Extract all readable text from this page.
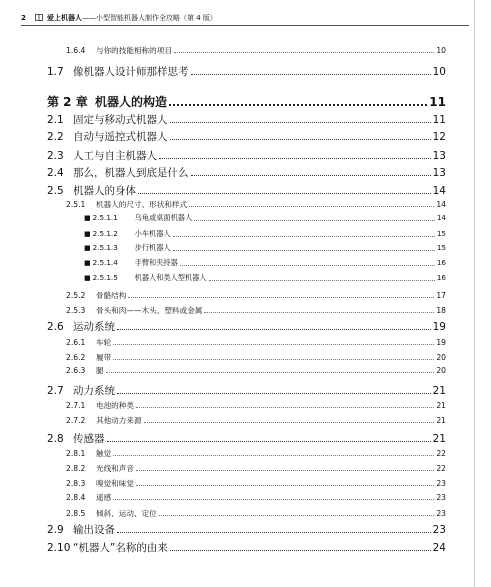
2	爱上机器人——小型智能机器人制作全攻略（第 4 版）
1.6.4	与你的技能相称的项目	10
1.7 像机器人设计师那样思考	10
第 2 章 机器人的构造	11
2.1 固定与移动式机器人	11
2.2 自动与遥控式机器人	12
2.3 人工与自主机器人	13
2.4 那么，机器人到底是什么	13
2.5 机器人的身体	14
2.5.1	机器人的尺寸、形状和样式	14
■ 2.5.1.1	乌龟或桌面机器人	14
■ 2.5.1.2	小车机器人	15
■ 2.5.1.3	步行机器人	15
■ 2.5.1.4	手臂和夹持器	16
■ 2.5.1.5	机器人和类人型机器人	16
2.5.2	骨骼结构	17
2.5.3	骨头和肉——木头、塑料或金属	18
2.6 运动系统	19
2.6.1	车轮	19
2.6.2	履带	20
2.6.3	腿	20
2.7 动力系统	21
2.7.1	电池的种类	21
2.7.2	其他动力来源	21
2.8 传感器	21
2.8.1	触觉	22
2.8.2	光线和声音	22
2.8.3	嗅觉和味觉	23
2.8.4	遥感	23
2.8.5	倾斜、运动、定位	23
2.9 输出设备	23
2.10 “机器人”名称的由来	24
